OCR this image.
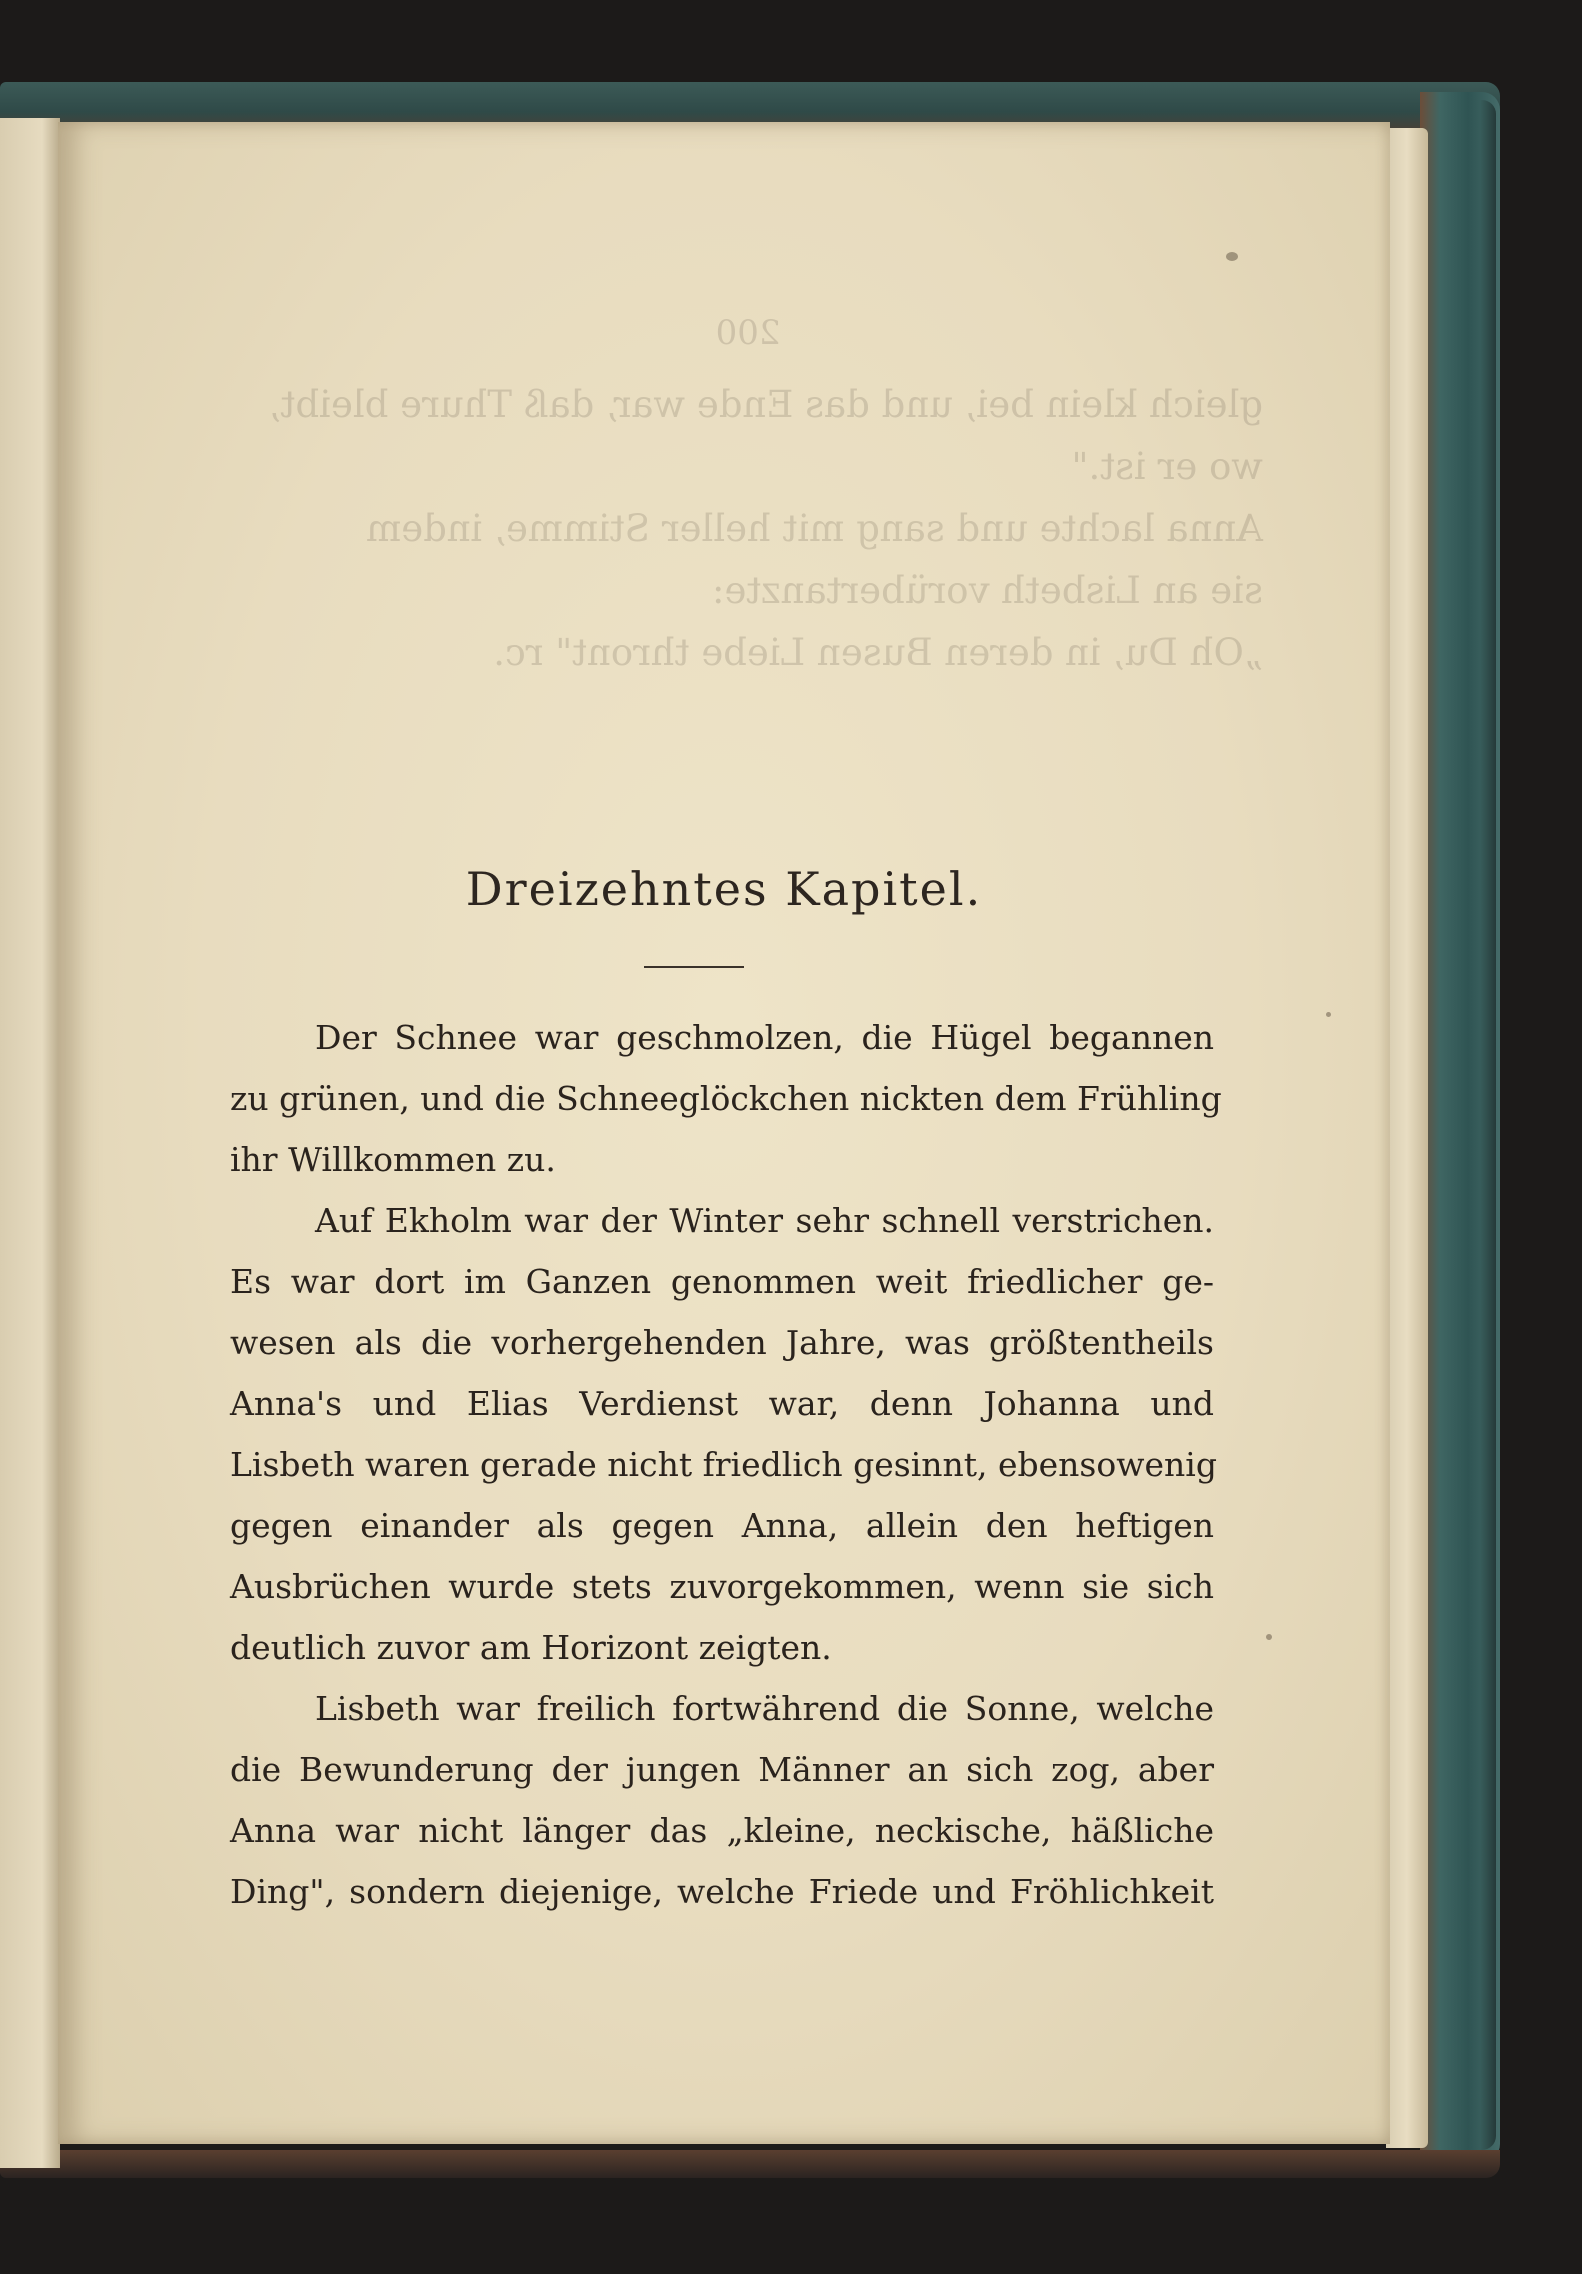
200
gleich klein bei, und das Ende war, daß Thure bleibt,
wo er ist."
Anna lachte und sang mit heller Stimme, indem
sie an Lisbeth vorübertanzte:
„Oh Du, in deren Busen Liebe thront" rc.
Dreizehntes Kapitel.
Der Schnee war geschmolzen, die Hügel begannen
zu grünen, und die Schneeglöckchen nickten dem Frühling
ihr Willkommen zu.
Auf Ekholm war der Winter sehr schnell verstrichen.
Es war dort im Ganzen genommen weit friedlicher ge-
wesen als die vorhergehenden Jahre, was größtentheils
Anna's und Elias Verdienst war, denn Johanna und
Lisbeth waren gerade nicht friedlich gesinnt, ebensowenig
gegen einander als gegen Anna, allein den heftigen
Ausbrüchen wurde stets zuvorgekommen, wenn sie sich
deutlich zuvor am Horizont zeigten.
Lisbeth war freilich fortwährend die Sonne, welche
die Bewunderung der jungen Männer an sich zog, aber
Anna war nicht länger das „kleine, neckische, häßliche
Ding", sondern diejenige, welche Friede und Fröhlichkeit
